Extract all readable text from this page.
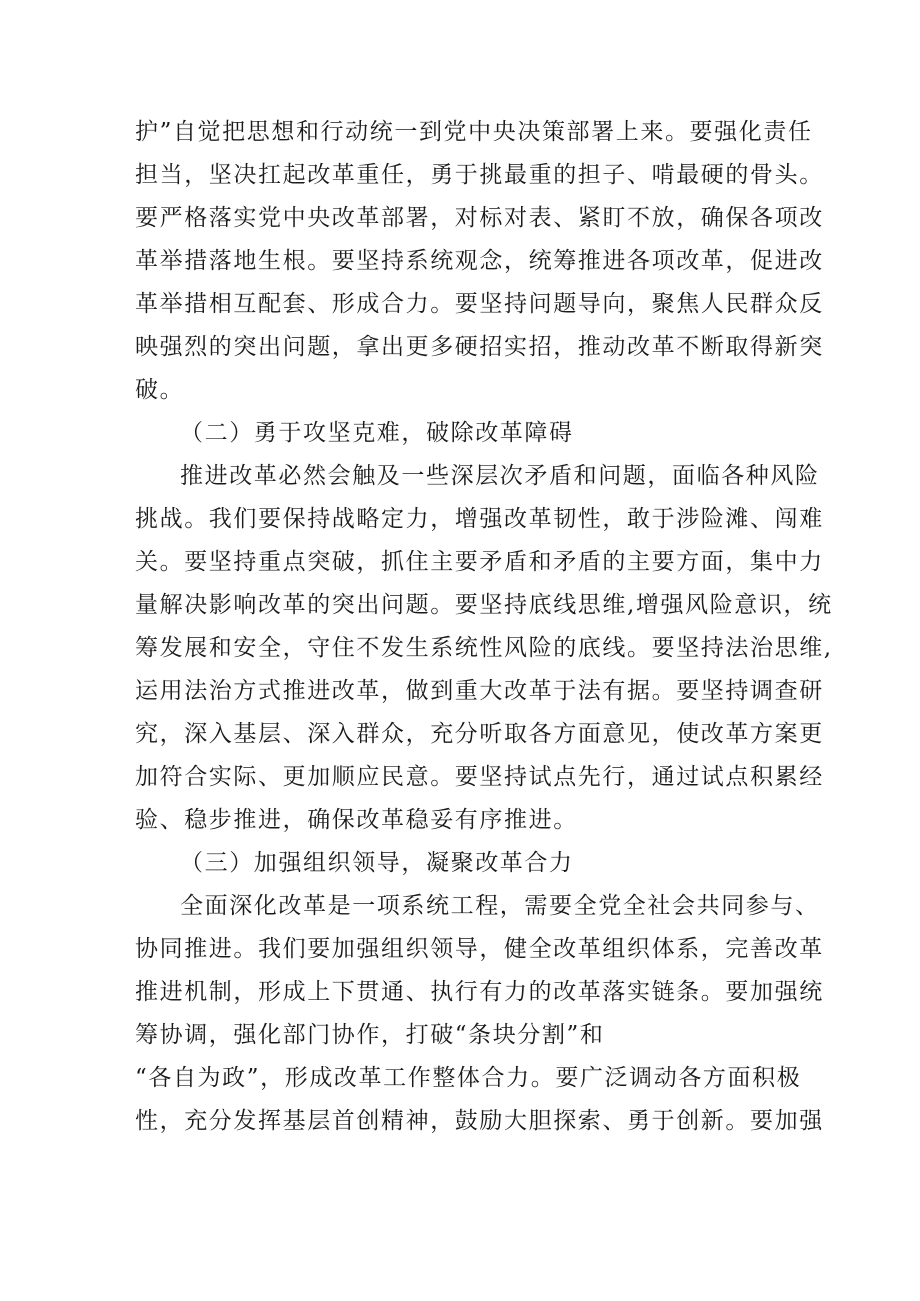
护”自觉把思想和行动统一到党中央决策部署上来。要强化责任
担当，坚决扛起改革重任，勇于挑最重的担子、啃最硬的骨头。
要严格落实党中央改革部署，对标对表、紧盯不放，确保各项改
革举措落地生根。要坚持系统观念，统筹推进各项改革，促进改
革举措相互配套、形成合力。要坚持问题导向，聚焦人民群众反
映强烈的突出问题，拿出更多硬招实招，推动改革不断取得新突
破。
（二）勇于攻坚克难，破除改革障碍
推进改革必然会触及一些深层次矛盾和问题，面临各种风险
挑战。我们要保持战略定力，增强改革韧性，敢于涉险滩、闯难
关。要坚持重点突破，抓住主要矛盾和矛盾的主要方面，集中力
量解决影响改革的突出问题。要坚持底线思维,增强风险意识，统
筹发展和安全，守住不发生系统性风险的底线。要坚持法治思维,
运用法治方式推进改革，做到重大改革于法有据。要坚持调查研
究，深入基层、深入群众，充分听取各方面意见，使改革方案更
加符合实际、更加顺应民意。要坚持试点先行，通过试点积累经
验、稳步推进，确保改革稳妥有序推进。
（三）加强组织领导，凝聚改革合力
全面深化改革是一项系统工程，需要全党全社会共同参与、
协同推进。我们要加强组织领导，健全改革组织体系，完善改革
推进机制，形成上下贯通、执行有力的改革落实链条。要加强统
筹协调，强化部门协作，打破“条块分割”和
“各自为政”，形成改革工作整体合力。要广泛调动各方面积极
性，充分发挥基层首创精神，鼓励大胆探索、勇于创新。要加强
